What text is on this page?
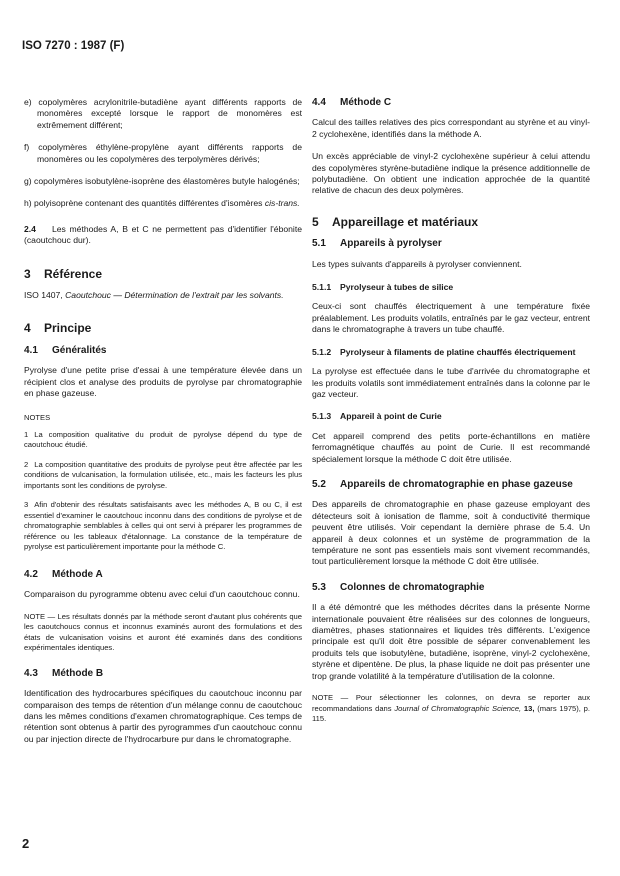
ISO 7270 : 1987 (F)

e) copolymères acrylonitrile-butadiène ayant différents rapports de monomères excepté lorsque le rapport de monomères est extrêmement différent;

f) copolymères éthylène-propylène ayant différents rapports de monomères ou les copolymères des terpolymères dérivés;

g) copolymères isobutylène-isoprène des élastomères butyle halogénés;

h) polyisoprène contenant des quantités différentes d'isomères cis-trans.

2.4 Les méthodes A, B et C ne permettent pas d'identifier l'ébonite (caoutchouc dur).

3 Référence

ISO 1407, Caoutchouc — Détermination de l'extrait par les solvants.

4 Principe
4.1 Généralités

Pyrolyse d'une petite prise d'essai à une température élevée dans un récipient clos et analyse des produits de pyrolyse par chromatographie en phase gazeuse.

NOTES

1 La composition qualitative du produit de pyrolyse dépend du type de caoutchouc étudié.

2 La composition quantitative des produits de pyrolyse peut être affectée par les conditions de vulcanisation, la formulation utilisée, etc., mais les facteurs les plus importants sont les conditions de pyrolyse.

3 Afin d'obtenir des résultats satisfaisants avec les méthodes A, B ou C, il est essentiel d'examiner le caoutchouc inconnu dans des conditions de pyrolyse et de chromatographie semblables à celles qui ont servi à préparer les programmes de référence ou les tableaux d'étalonnage. La constance de la température de pyrolyse est particulièrement importante pour la méthode C.

4.2 Méthode A

Comparaison du pyrogramme obtenu avec celui d'un caoutchouc connu.

NOTE — Les résultats donnés par la méthode seront d'autant plus cohérents que les caoutchoucs connus et inconnus examinés auront des formulations et des états de vulcanisation voisins et auront été examinés dans des conditions expérimentales identiques.

4.3 Méthode B

Identification des hydrocarbures spécifiques du caoutchouc inconnu par comparaison des temps de rétention d'un mélange connu de caoutchouc dans les mêmes conditions d'examen chromatographique. Ces temps de rétention sont obtenus à partir des pyrogrammes d'un caoutchouc connu ou par injection directe de l'hydrocarbure pur dans le chromatographe.

4.4 Méthode C

Calcul des tailles relatives des pics correspondant au styrène et au vinyl-2 cyclohexène, identifiés dans la méthode A.

Un excès appréciable de vinyl-2 cyclohexène supérieur à celui attendu des copolymères styrène-butadiène indique la présence additionnelle de polybutadiène. On obtient une indication approchée de la quantité relative de chacun des deux polymères.

5 Appareillage et matériaux
5.1 Appareils à pyrolyser

Les types suivants d'appareils à pyrolyser conviennent.

5.1.1 Pyrolyseur à tubes de silice

Ceux-ci sont chauffés électriquement à une température fixée préalablement. Les produits volatils, entraînés par le gaz vecteur, entrent dans le chromatographe à travers un tube chauffé.

5.1.2 Pyrolyseur à filaments de platine chauffés électriquement

La pyrolyse est effectuée dans le tube d'arrivée du chromatographe et les produits volatils sont immédiatement entraînés dans la colonne par le gaz vecteur.

5.1.3 Appareil à point de Curie

Cet appareil comprend des petits porte-échantillons en matière ferromagnétique chauffés au point de Curie. Il est recommandé spécialement lorsque la méthode C doit être utilisée.

5.2 Appareils de chromatographie en phase gazeuse

Des appareils de chromatographie en phase gazeuse employant des détecteurs soit à ionisation de flamme, soit à conductivité thermique peuvent être utilisés. Voir cependant la dernière phrase de 5.4. Un appareil à deux colonnes et un système de programmation de la température ne sont pas essentiels mais sont vivement recommandés, tout particulièrement lorsque la méthode C doit être utilisée.

5.3 Colonnes de chromatographie

Il a été démontré que les méthodes décrites dans la présente Norme internationale pouvaient être réalisées sur des colonnes de longueurs, diamètres, phases stationnaires et liquides très différents. L'exigence principale est qu'il doit être possible de séparer convenablement les produits tels que isobutylène, butadiène, isoprène, vinyl-2 cyclohexène, styrène et dipentène. De plus, la phase liquide ne doit pas présenter une trop grande volatilité à la température d'utilisation de la colonne.

NOTE — Pour sélectionner les colonnes, on devra se reporter aux recommandations dans Journal of Chromatographic Science, 13, (mars 1975), p. 115.

2
